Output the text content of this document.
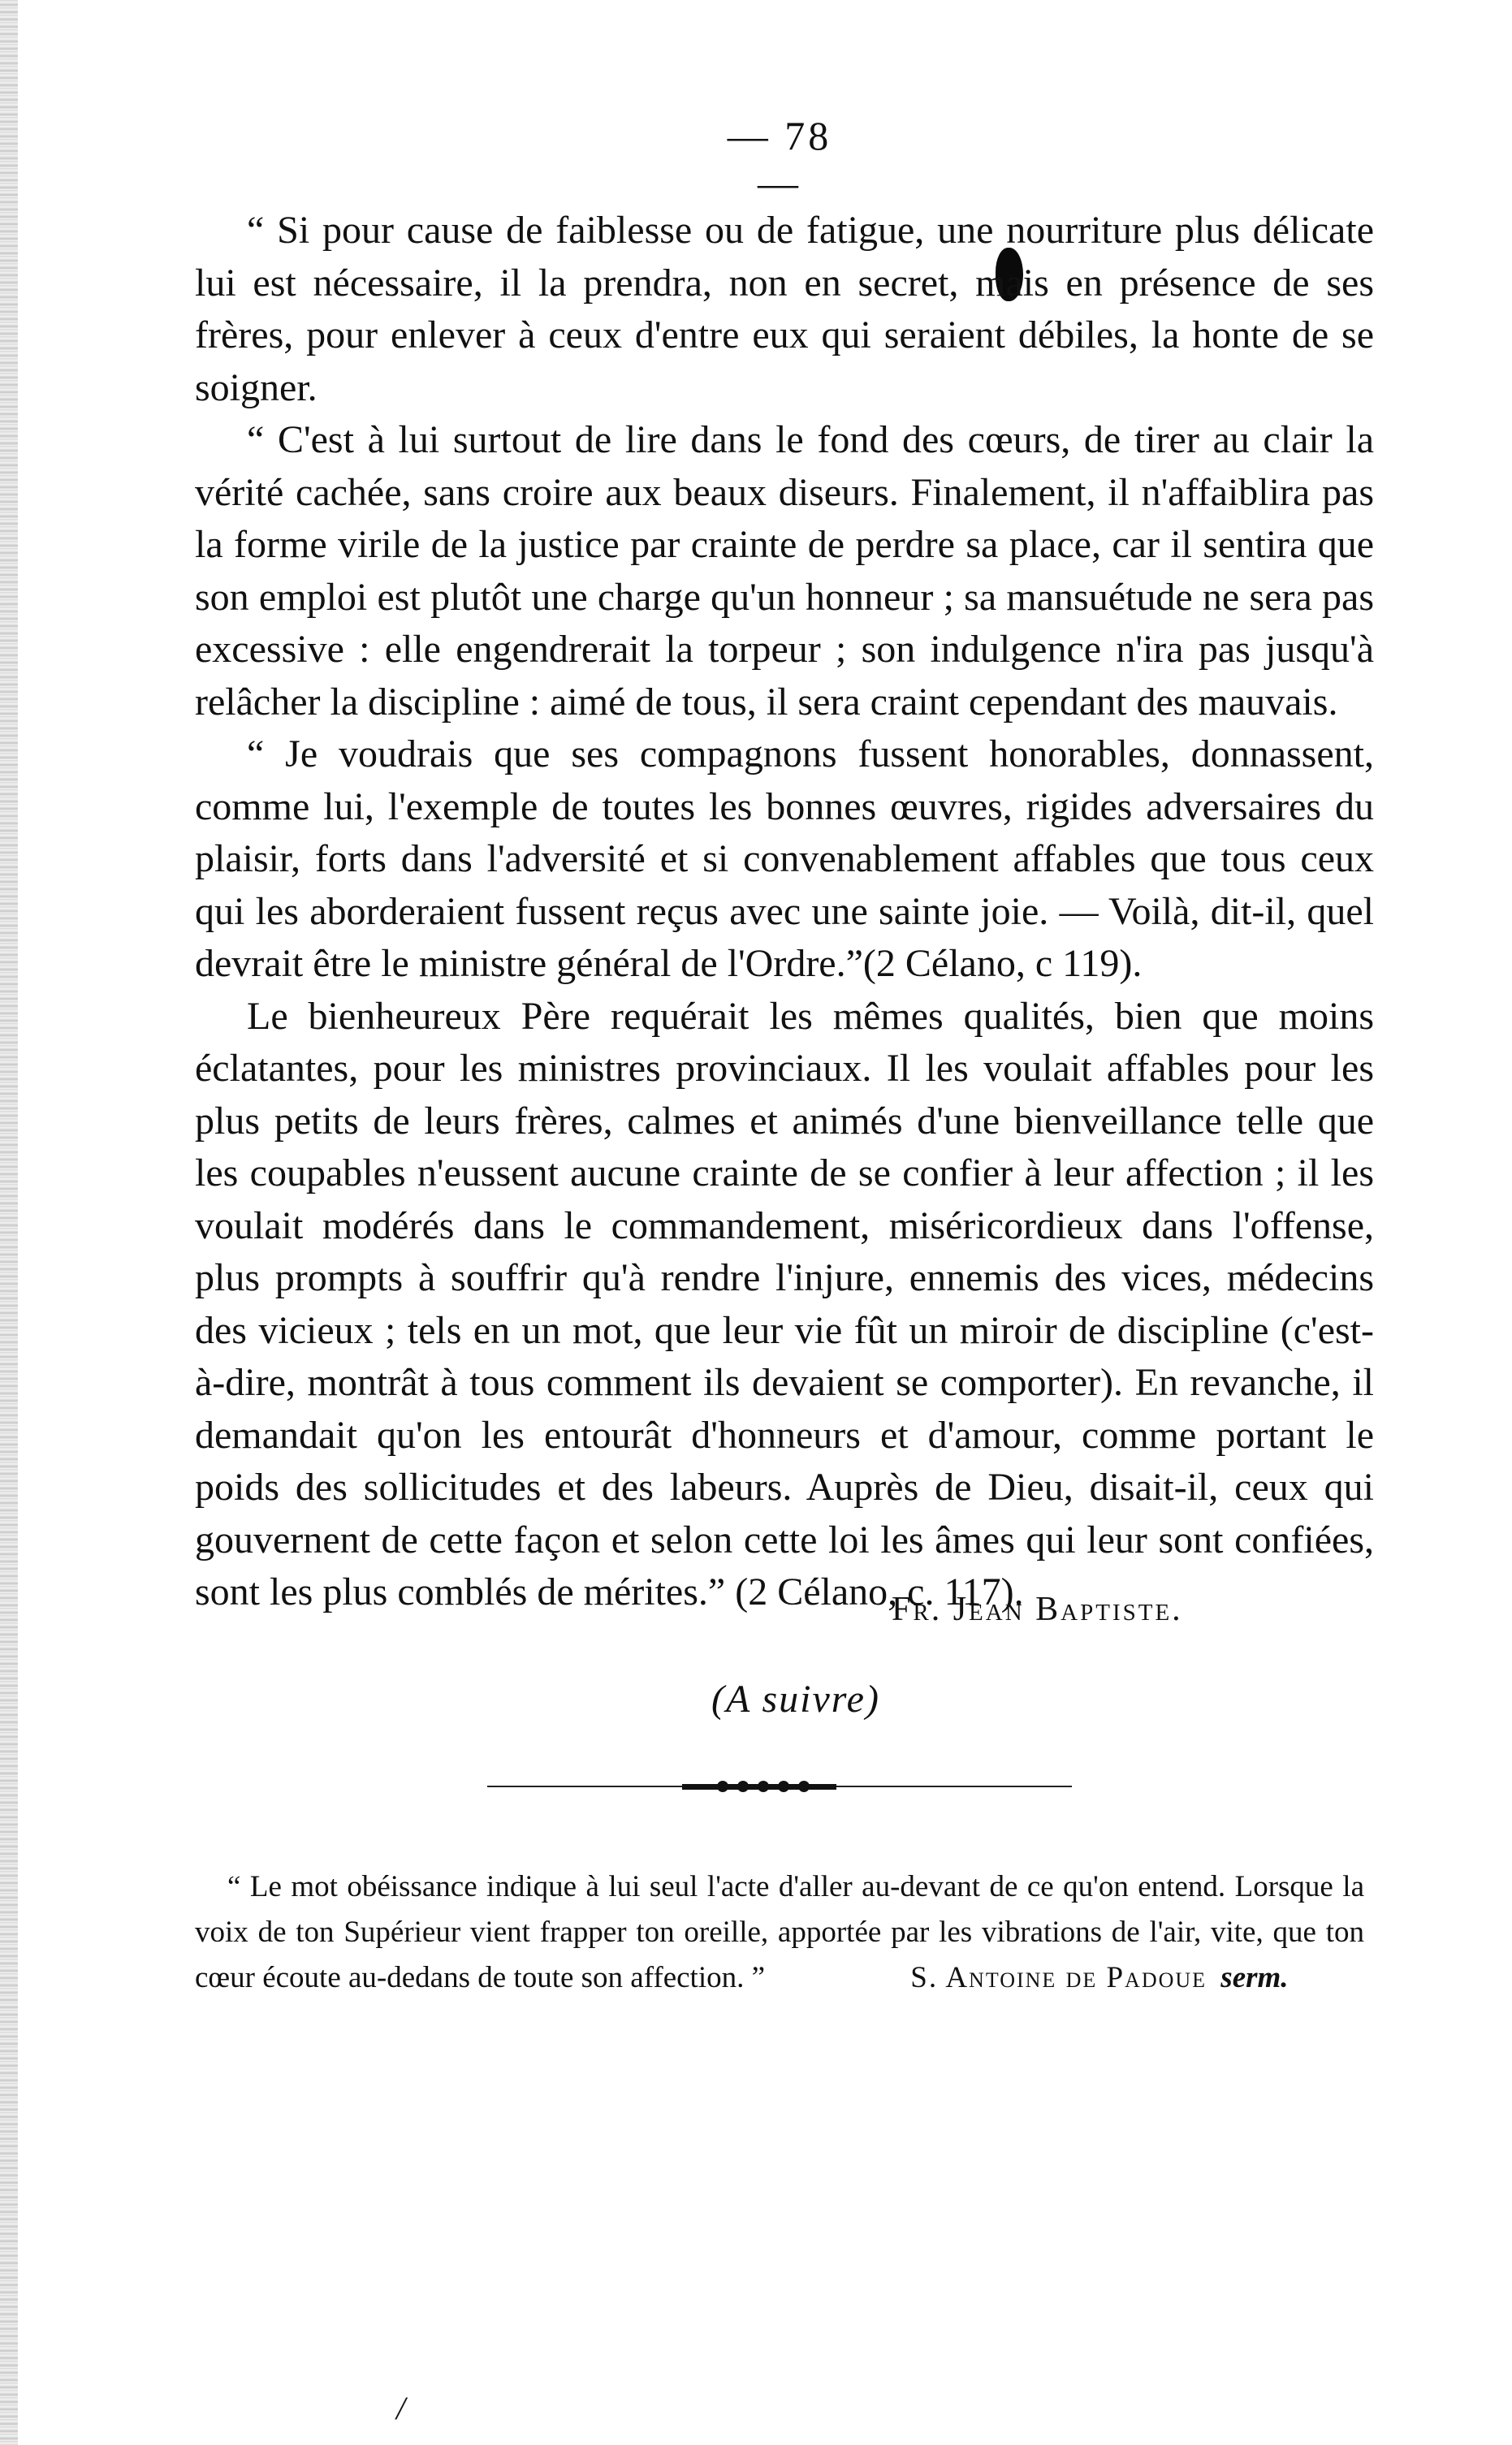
— 78 —

“ Si pour cause de faiblesse ou de fatigue, une nourriture plus délicate lui est nécessaire, il la prendra, non en secret, mais en présence de ses frères, pour enlever à ceux d'entre eux qui seraient débiles, la honte de se soigner.

“ C'est à lui surtout de lire dans le fond des cœurs, de tirer au clair la vérité cachée, sans croire aux beaux diseurs. Finalement, il n'affaiblira pas la forme virile de la justice par crainte de perdre sa place, car il sentira que son emploi est plutôt une charge qu'un honneur ; sa mansuétude ne sera pas excessive : elle engendrerait la torpeur ; son indulgence n'ira pas jusqu'à relâcher la discipline : aimé de tous, il sera craint cependant des mauvais.

“ Je voudrais que ses compagnons fussent honorables, donnassent, comme lui, l'exemple de toutes les bonnes œuvres, rigides adversaires du plaisir, forts dans l'adversité et si convenablement affables que tous ceux qui les aborderaient fussent reçus avec une sainte joie. — Voilà, dit-il, quel devrait être le ministre général de l'Ordre.”(2 Célano, c 119).

Le bienheureux Père requérait les mêmes qualités, bien que moins éclatantes, pour les ministres provinciaux. Il les voulait affables pour les plus petits de leurs frères, calmes et animés d'une bienveillance telle que les coupables n'eussent aucune crainte de se confier à leur affection ; il les voulait modérés dans le commandement, miséricordieux dans l'offense, plus prompts à souffrir qu'à rendre l'injure, ennemis des vices, médecins des vicieux ; tels en un mot, que leur vie fût un miroir de discipline (c'est-à-dire, montrât à tous comment ils devaient se comporter). En revanche, il demandait qu'on les entourât d'honneurs et d'amour, comme portant le poids des sollicitudes et des labeurs. Auprès de Dieu, disait-il, ceux qui gouvernent de cette façon et selon cette loi les âmes qui leur sont confiées, sont les plus comblés de mérites.” (2 Célano, c. 117).

Fr. Jean Baptiste.
(A suivre)
“ Le mot obéissance indique à lui seul l'acte d'aller au-devant de ce qu'on entend. Lorsque la voix de ton Supérieur vient frapper ton oreille, apportée par les vibrations de l'air, vite, que ton cœur écoute au-dedans de toute son affection. ”	S. Antoine de Padoue serm.
/
